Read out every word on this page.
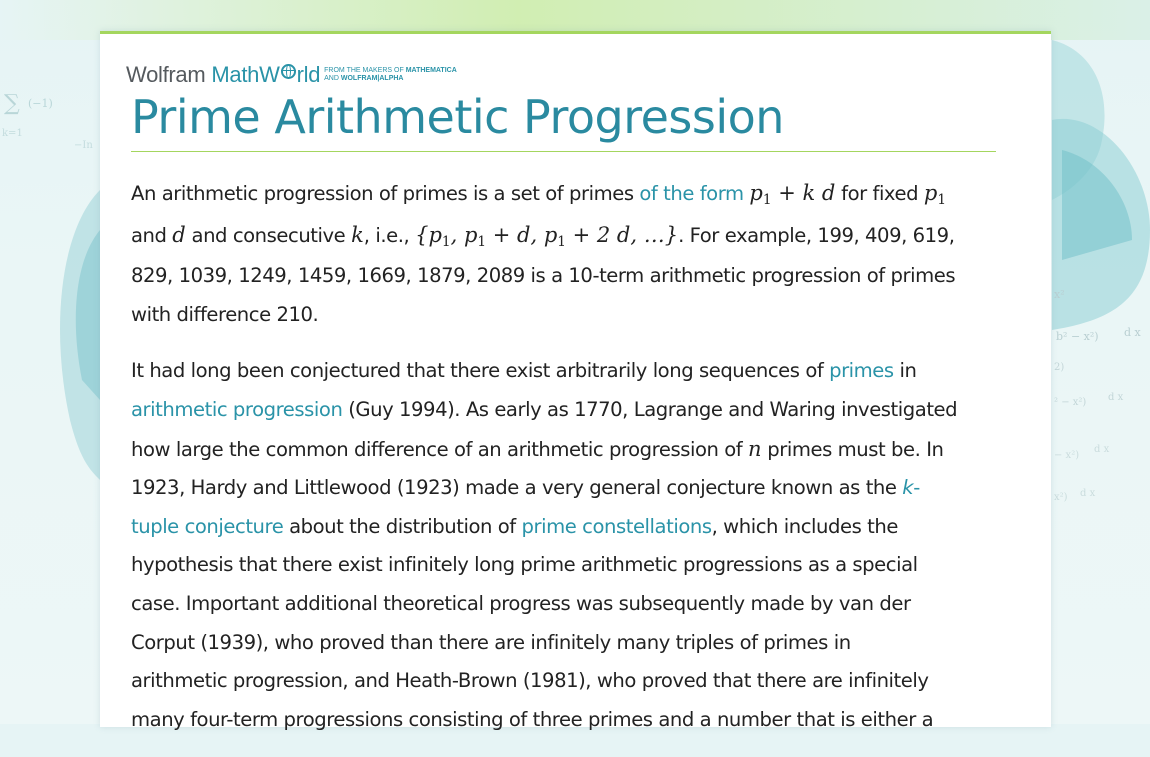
∑ (−1)
k=1
−In
x²
b² − x²) d x
2)
² − x²) d x
− x²)
d x
x²) d x
Wolfram MathW rld FROM THE MAKERS OF MATHEMATICA
AND WOLFRAM|ALPHA
Prime Arithmetic Progression

An arithmetic progression of primes is a set of primes of the form p1 + k d for fixed p1
and d and consecutive k, i.e., {p1, p1 + d, p1 + 2 d, …}. For example, 199, 409, 619,
829, 1039, 1249, 1459, 1669, 1879, 2089 is a 10-term arithmetic progression of primes
with difference 210.

It had long been conjectured that there exist arbitrarily long sequences of primes in
arithmetic progression (Guy 1994). As early as 1770, Lagrange and Waring investigated
how large the common difference of an arithmetic progression of n primes must be. In
1923, Hardy and Littlewood (1923) made a very general conjecture known as the k-
tuple conjecture about the distribution of prime constellations, which includes the
hypothesis that there exist infinitely long prime arithmetic progressions as a special
case. Important additional theoretical progress was subsequently made by van der
Corput (1939), who proved than there are infinitely many triples of primes in
arithmetic progression, and Heath-Brown (1981), who proved that there are infinitely
many four-term progressions consisting of three primes and a number that is either a
